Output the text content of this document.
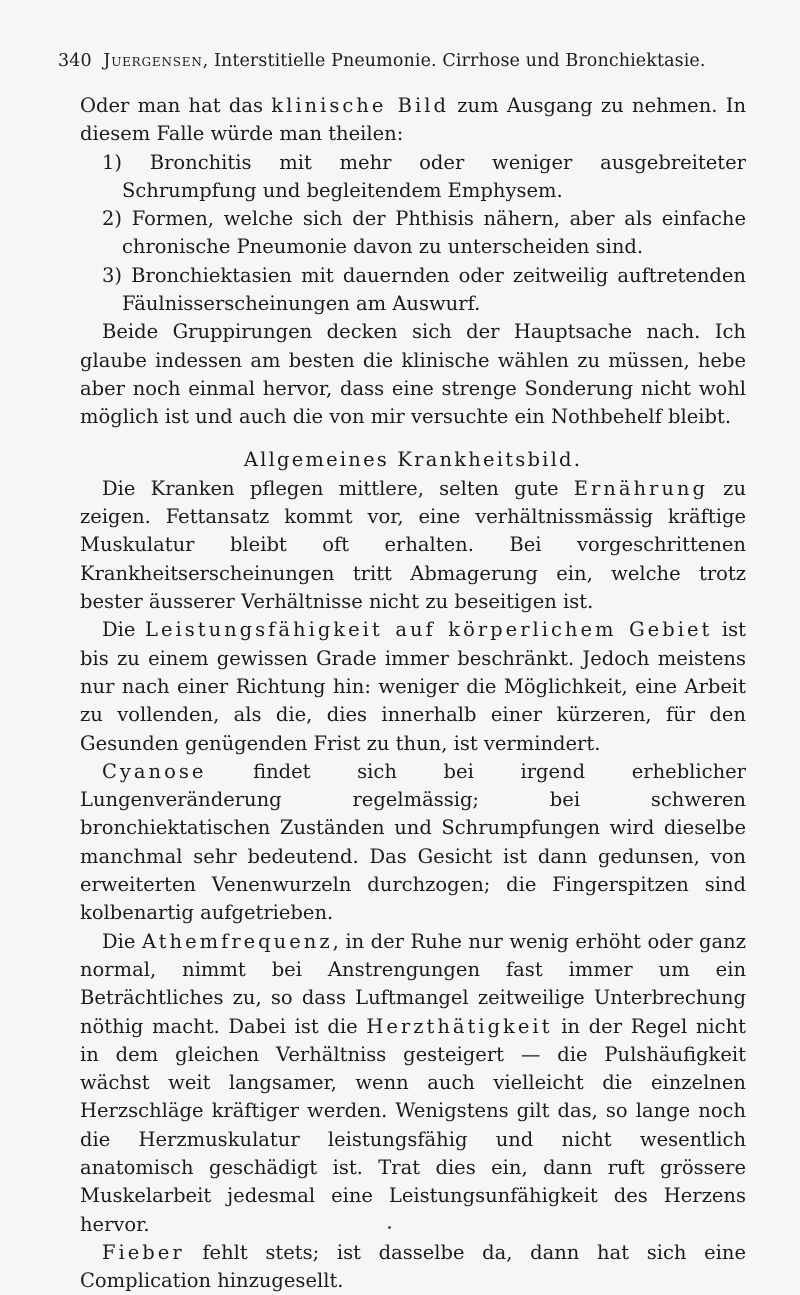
340 Juergensen, Interstitielle Pneumonie. Cirrhose und Bronchiektasie.

Oder man hat das klinische Bild zum Ausgang zu nehmen. In diesem Falle würde man theilen:

1) Bronchitis mit mehr oder weniger ausgebreiteter Schrumpfung und begleitendem Emphysem.
2) Formen, welche sich der Phthisis nähern, aber als einfache chronische Pneumonie davon zu unterscheiden sind.
3) Bronchiektasien mit dauernden oder zeitweilig auftretenden Fäulnisserscheinungen am Auswurf.

Beide Gruppirungen decken sich der Hauptsache nach. Ich glaube indessen am besten die klinische wählen zu müssen, hebe aber noch einmal hervor, dass eine strenge Sonderung nicht wohl möglich ist und auch die von mir versuchte ein Nothbehelf bleibt.

Allgemeines Krankheitsbild.

Die Kranken pflegen mittlere, selten gute Ernährung zu zeigen. Fettansatz kommt vor, eine verhältnissmässig kräftige Muskulatur bleibt oft erhalten. Bei vorgeschrittenen Krankheitserscheinungen tritt Abmagerung ein, welche trotz bester äusserer Verhältnisse nicht zu beseitigen ist.

Die Leistungsfähigkeit auf körperlichem Gebiet ist bis zu einem gewissen Grade immer beschränkt. Jedoch meistens nur nach einer Richtung hin: weniger die Möglichkeit, eine Arbeit zu vollenden, als die, dies innerhalb einer kürzeren, für den Gesunden genügenden Frist zu thun, ist vermindert.

Cyanose findet sich bei irgend erheblicher Lungenveränderung regelmässig; bei schweren bronchiektatischen Zuständen und Schrumpfungen wird dieselbe manchmal sehr bedeutend. Das Gesicht ist dann gedunsen, von erweiterten Venenwurzeln durchzogen; die Fingerspitzen sind kolbenartig aufgetrieben.

Die Athemfrequenz, in der Ruhe nur wenig erhöht oder ganz normal, nimmt bei Anstrengungen fast immer um ein Beträchtliches zu, so dass Luftmangel zeitweilige Unterbrechung nöthig macht. Dabei ist die Herzthätigkeit in der Regel nicht in dem gleichen Verhältniss gesteigert — die Pulshäufigkeit wächst weit langsamer, wenn auch vielleicht die einzelnen Herzschläge kräftiger werden. Wenigstens gilt das, so lange noch die Herzmuskulatur leistungsfähig und nicht wesentlich anatomisch geschädigt ist. Trat dies ein, dann ruft grössere Muskelarbeit jedesmal eine Leistungsunfähigkeit des Herzens hervor.

Fieber fehlt stets; ist dasselbe da, dann hat sich eine Complication hinzugesellt.
